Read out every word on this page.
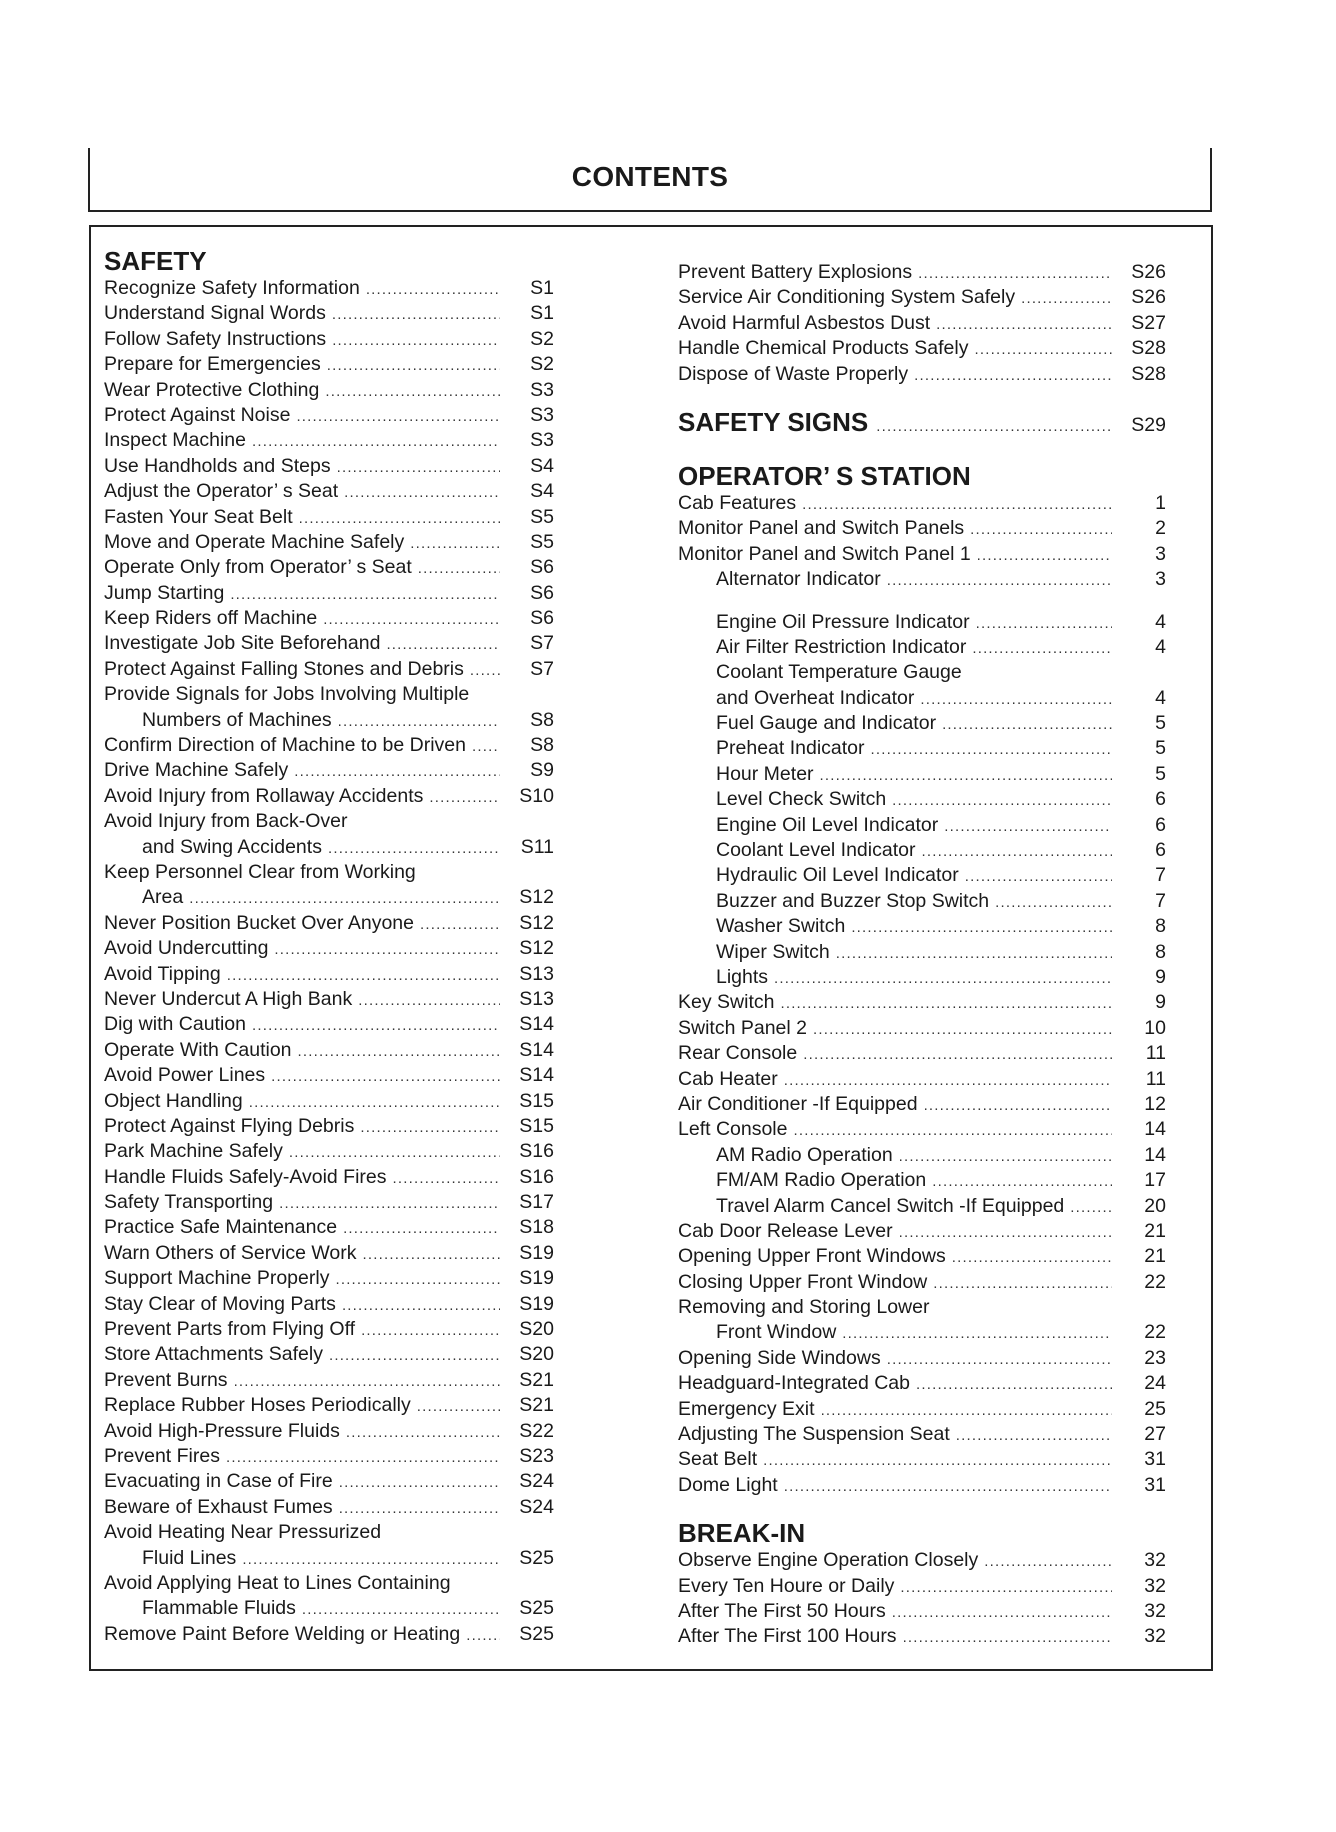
CONTENTS
SAFETY
Recognize Safety Information .....	S1
Understand Signal Words .....	S1
Follow Safety Instructions .....	S2
Prepare for Emergencies .....	S2
Wear Protective Clothing .....	S3
Protect Against Noise .....	S3
Inspect Machine .....	S3
Use Handholds and Steps .....	S4
Adjust the Operator’ s Seat .....	S4
Fasten Your Seat Belt .....	S5
Move and Operate Machine Safely .....	S5
Operate Only from Operator’ s Seat .....	S6
Jump Starting .....	S6
Keep Riders off Machine .....	S6
Investigate Job Site Beforehand .....	S7
Protect Against Falling Stones and Debris .....	S7
Provide Signals for Jobs Involving Multiple
Numbers of Machines .....	S8
Confirm Direction of Machine to be Driven .....	S8
Drive Machine Safely .....	S9
Avoid Injury from Rollaway Accidents .....	S10
Avoid Injury from Back-Over
and Swing Accidents .....	S11
Keep Personnel Clear from Working
Area .....	S12
Never Position Bucket Over Anyone .....	S12
Avoid Undercutting .....	S12
Avoid Tipping .....	S13
Never Undercut A High Bank .....	S13
Dig with Caution .....	S14
Operate With Caution .....	S14
Avoid Power Lines .....	S14
Object Handling .....	S15
Protect Against Flying Debris .....	S15
Park Machine Safely .....	S16
Handle Fluids Safely-Avoid Fires .....	S16
Safety Transporting .....	S17
Practice Safe Maintenance .....	S18
Warn Others of Service Work .....	S19
Support Machine Properly .....	S19
Stay Clear of Moving Parts .....	S19
Prevent Parts from Flying Off .....	S20
Store Attachments Safely .....	S20
Prevent Burns .....	S21
Replace Rubber Hoses Periodically .....	S21
Avoid High-Pressure Fluids .....	S22
Prevent Fires .....	S23
Evacuating in Case of Fire .....	S24
Beware of Exhaust Fumes .....	S24
Avoid Heating Near Pressurized
Fluid Lines .....	S25
Avoid Applying Heat to Lines Containing
Flammable Fluids .....	S25
Remove Paint Before Welding or Heating .....	S25
Prevent Battery Explosions .....	S26
Service Air Conditioning System Safely .....	S26
Avoid Harmful Asbestos Dust .....	S27
Handle Chemical Products Safely .....	S28
Dispose of Waste Properly .....	S28
SAFETY SIGNS .....	S29
OPERATOR’ S STATION
Cab Features .....	1
Monitor Panel and Switch Panels .....	2
Monitor Panel and Switch Panel 1 .....	3
Alternator Indicator .....	3
Engine Oil Pressure Indicator .....	4
Air Filter Restriction Indicator .....	4
Coolant Temperature Gauge
and Overheat Indicator .....	4
Fuel Gauge and Indicator .....	5
Preheat Indicator .....	5
Hour Meter .....	5
Level Check Switch .....	6
Engine Oil Level Indicator .....	6
Coolant Level Indicator .....	6
Hydraulic Oil Level Indicator .....	7
Buzzer and Buzzer Stop Switch .....	7
Washer Switch .....	8
Wiper Switch .....	8
Lights .....	9
Key Switch .....	9
Switch Panel 2 .....	10
Rear Console .....	11
Cab Heater .....	11
Air Conditioner -If Equipped .....	12
Left Console .....	14
AM Radio Operation .....	14
FM/AM Radio Operation .....	17
Travel Alarm Cancel Switch -If Equipped .....	20
Cab Door Release Lever .....	21
Opening Upper Front Windows .....	21
Closing Upper Front Window .....	22
Removing and Storing Lower
Front Window .....	22
Opening Side Windows .....	23
Headguard-Integrated Cab .....	24
Emergency Exit .....	25
Adjusting The Suspension Seat .....	27
Seat Belt .....	31
Dome Light .....	31
BREAK-IN
Observe Engine Operation Closely .....	32
Every Ten Houre or Daily .....	32
After The First 50 Hours .....	32
After The First 100 Hours .....	32
